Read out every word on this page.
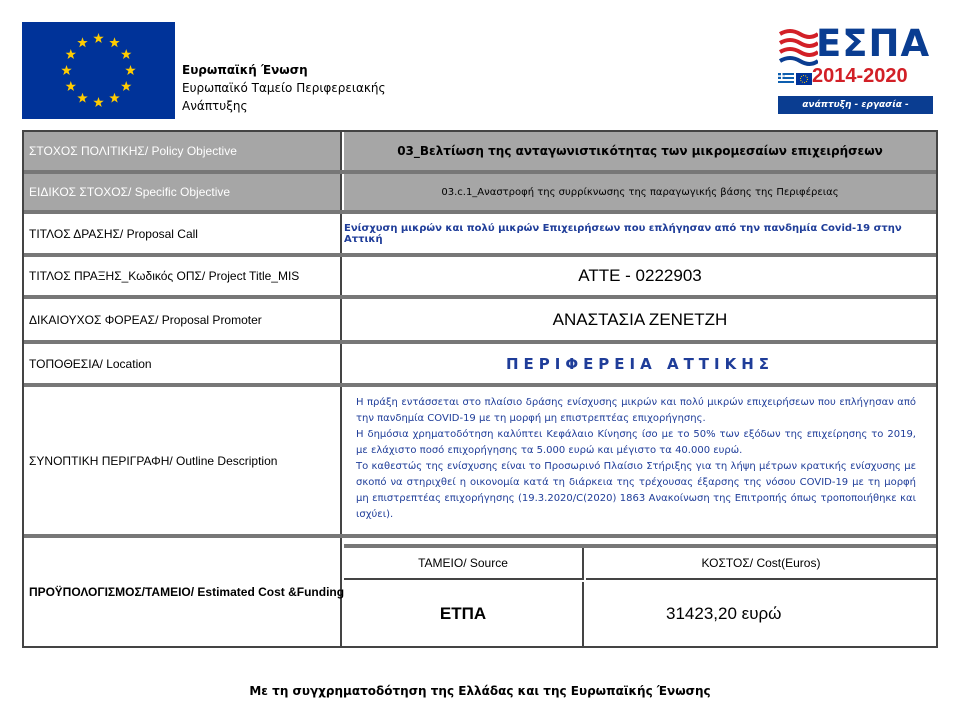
Ευρωπαϊκή Ένωση
Ευρωπαϊκό Ταμείο Περιφερειακής
Ανάπτυξης
ΕΣΠΑ
2014-2020
ανάπτυξη - εργασία - αλληλεγγύη
ΣΤΟΧΟΣ ΠΟΛΙΤΙΚΗΣ/ Policy Objective	03_Βελτίωση της ανταγωνιστικότητας των μικρομεσαίων επιχειρήσεων
ΕΙΔΙΚΟΣ ΣΤΟΧΟΣ/ Specific Objective	03.c.1_Αναστροφή της συρρίκνωσης της παραγωγικής βάσης της Περιφέρειας
ΤΙΤΛΟΣ ΔΡΑΣΗΣ/ Proposal Call	Ενίσχυση μικρών και πολύ μικρών Επιχειρήσεων που επλήγησαν από την πανδημία Covid-19 στην Αττική
ΤΙΤΛΟΣ ΠΡΑΞΗΣ_Κωδικός ΟΠΣ/ Project Title_MIS	ATTE - 0222903
ΔΙΚΑΙΟΥΧΟΣ ΦΟΡΕΑΣ/ Proposal Promoter	ΑΝΑΣΤΑΣΙΑ ΖΕΝΕΤΖΗ
ΤΟΠΟΘΕΣΙΑ/ Location	ΠΕΡΙΦΕΡΕΙΑ ΑΤΤΙΚΗΣ
ΣΥΝΟΠΤΙΚΗ ΠΕΡΙΓΡΑΦΗ/ Outline Description
Η πράξη εντάσσεται στο πλαίσιο δράσης ενίσχυσης μικρών και πολύ μικρών επιχειρήσεων που επλήγησαν από την πανδημία COVID-19 με τη μορφή μη επιστρεπτέας επιχορήγησης.
Η δημόσια χρηματοδότηση καλύπτει Κεφάλαιο Κίνησης ίσο με το 50% των εξόδων της επιχείρησης το 2019, με ελάχιστο ποσό επιχορήγησης τα 5.000 ευρώ και μέγιστο τα 40.000 ευρώ.
Το καθεστώς της ενίσχυσης είναι το Προσωρινό Πλαίσιο Στήριξης για τη λήψη μέτρων κρατικής ενίσχυσης με σκοπό να στηριχθεί η οικονομία κατά τη διάρκεια της τρέχουσας έξαρσης της νόσου COVID-19 με τη μορφή μη επιστρεπτέας επιχορήγησης (19.3.2020/C(2020) 1863 Ανακοίνωση της Επιτροπής όπως τροποποιήθηκε και ισχύει).
ΠΡΟΫΠΟΛΟΓΙΣΜΟΣ/ΤΑΜΕΙΟ/ Estimated Cost &Funding
ΤΑΜΕΙΟ/ Source	ΚΟΣΤΟΣ/ Cost(Euros)
ΕΤΠΑ	31423,20 ευρώ
Με τη συγχρηματοδότηση της Ελλάδας και της Ευρωπαϊκής Ένωσης
